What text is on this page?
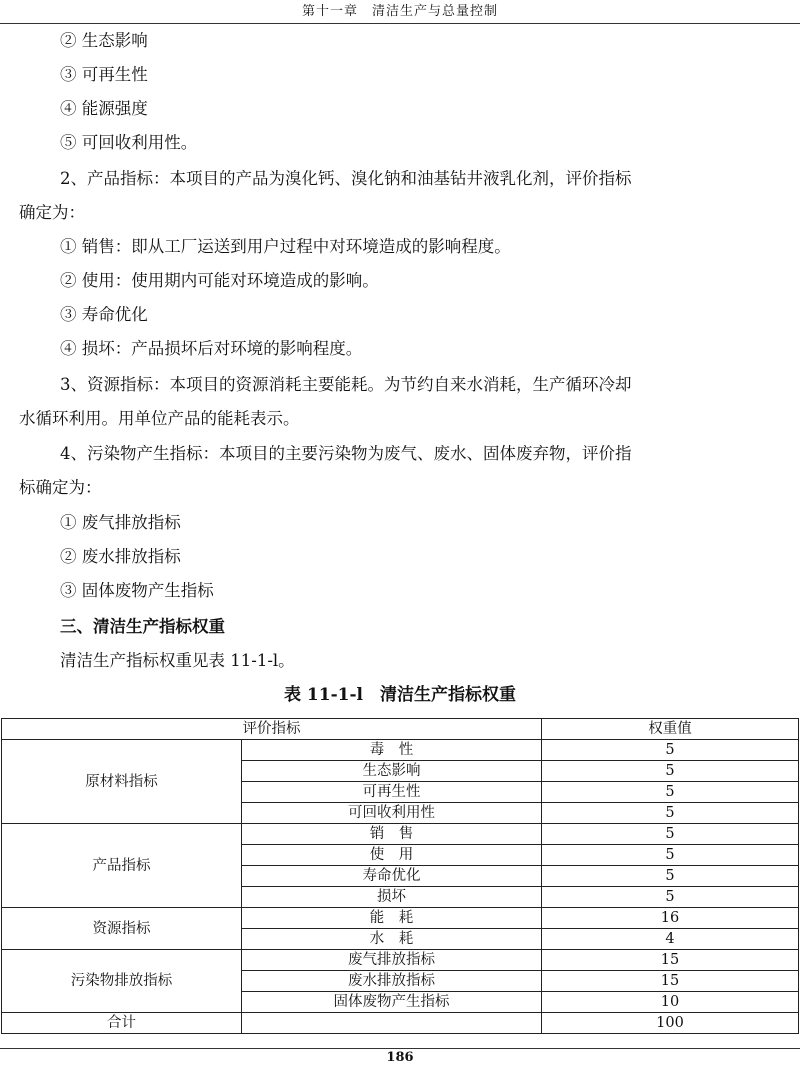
第十一章　清洁生产与总量控制
② 生态影响
③ 可再生性
④ 能源强度
⑤ 可回收利用性。
2、产品指标：本项目的产品为溴化钙、溴化钠和油基钻井液乳化剂，评价指标
确定为：
① 销售：即从工厂运送到用户过程中对环境造成的影响程度。
② 使用：使用期内可能对环境造成的影响。
③ 寿命优化
④ 损坏：产品损坏后对环境的影响程度。
3、资源指标：本项目的资源消耗主要能耗。为节约自来水消耗，生产循环冷却
水循环利用。用单位产品的能耗表示。
4、污染物产生指标：本项目的主要污染物为废气、废水、固体废弃物，评价指
标确定为：
① 废气排放指标
② 废水排放指标
③ 固体废物产生指标
三、清洁生产指标权重
清洁生产指标权重见表 11-1-l。
表 11-1-l　清洁生产指标权重
评价指标		权重值
原材料指标	毒　性	5
	生态影响	5
	可再生性	5
	可回收利用性	5
产品指标	销　售	5
	使　用	5
	寿命优化	5
	损坏	5
资源指标	能　耗	16
	水　耗	4
污染物排放指标	废气排放指标	15
	废水排放指标	15
	固体废物产生指标	10
合计		100
186
